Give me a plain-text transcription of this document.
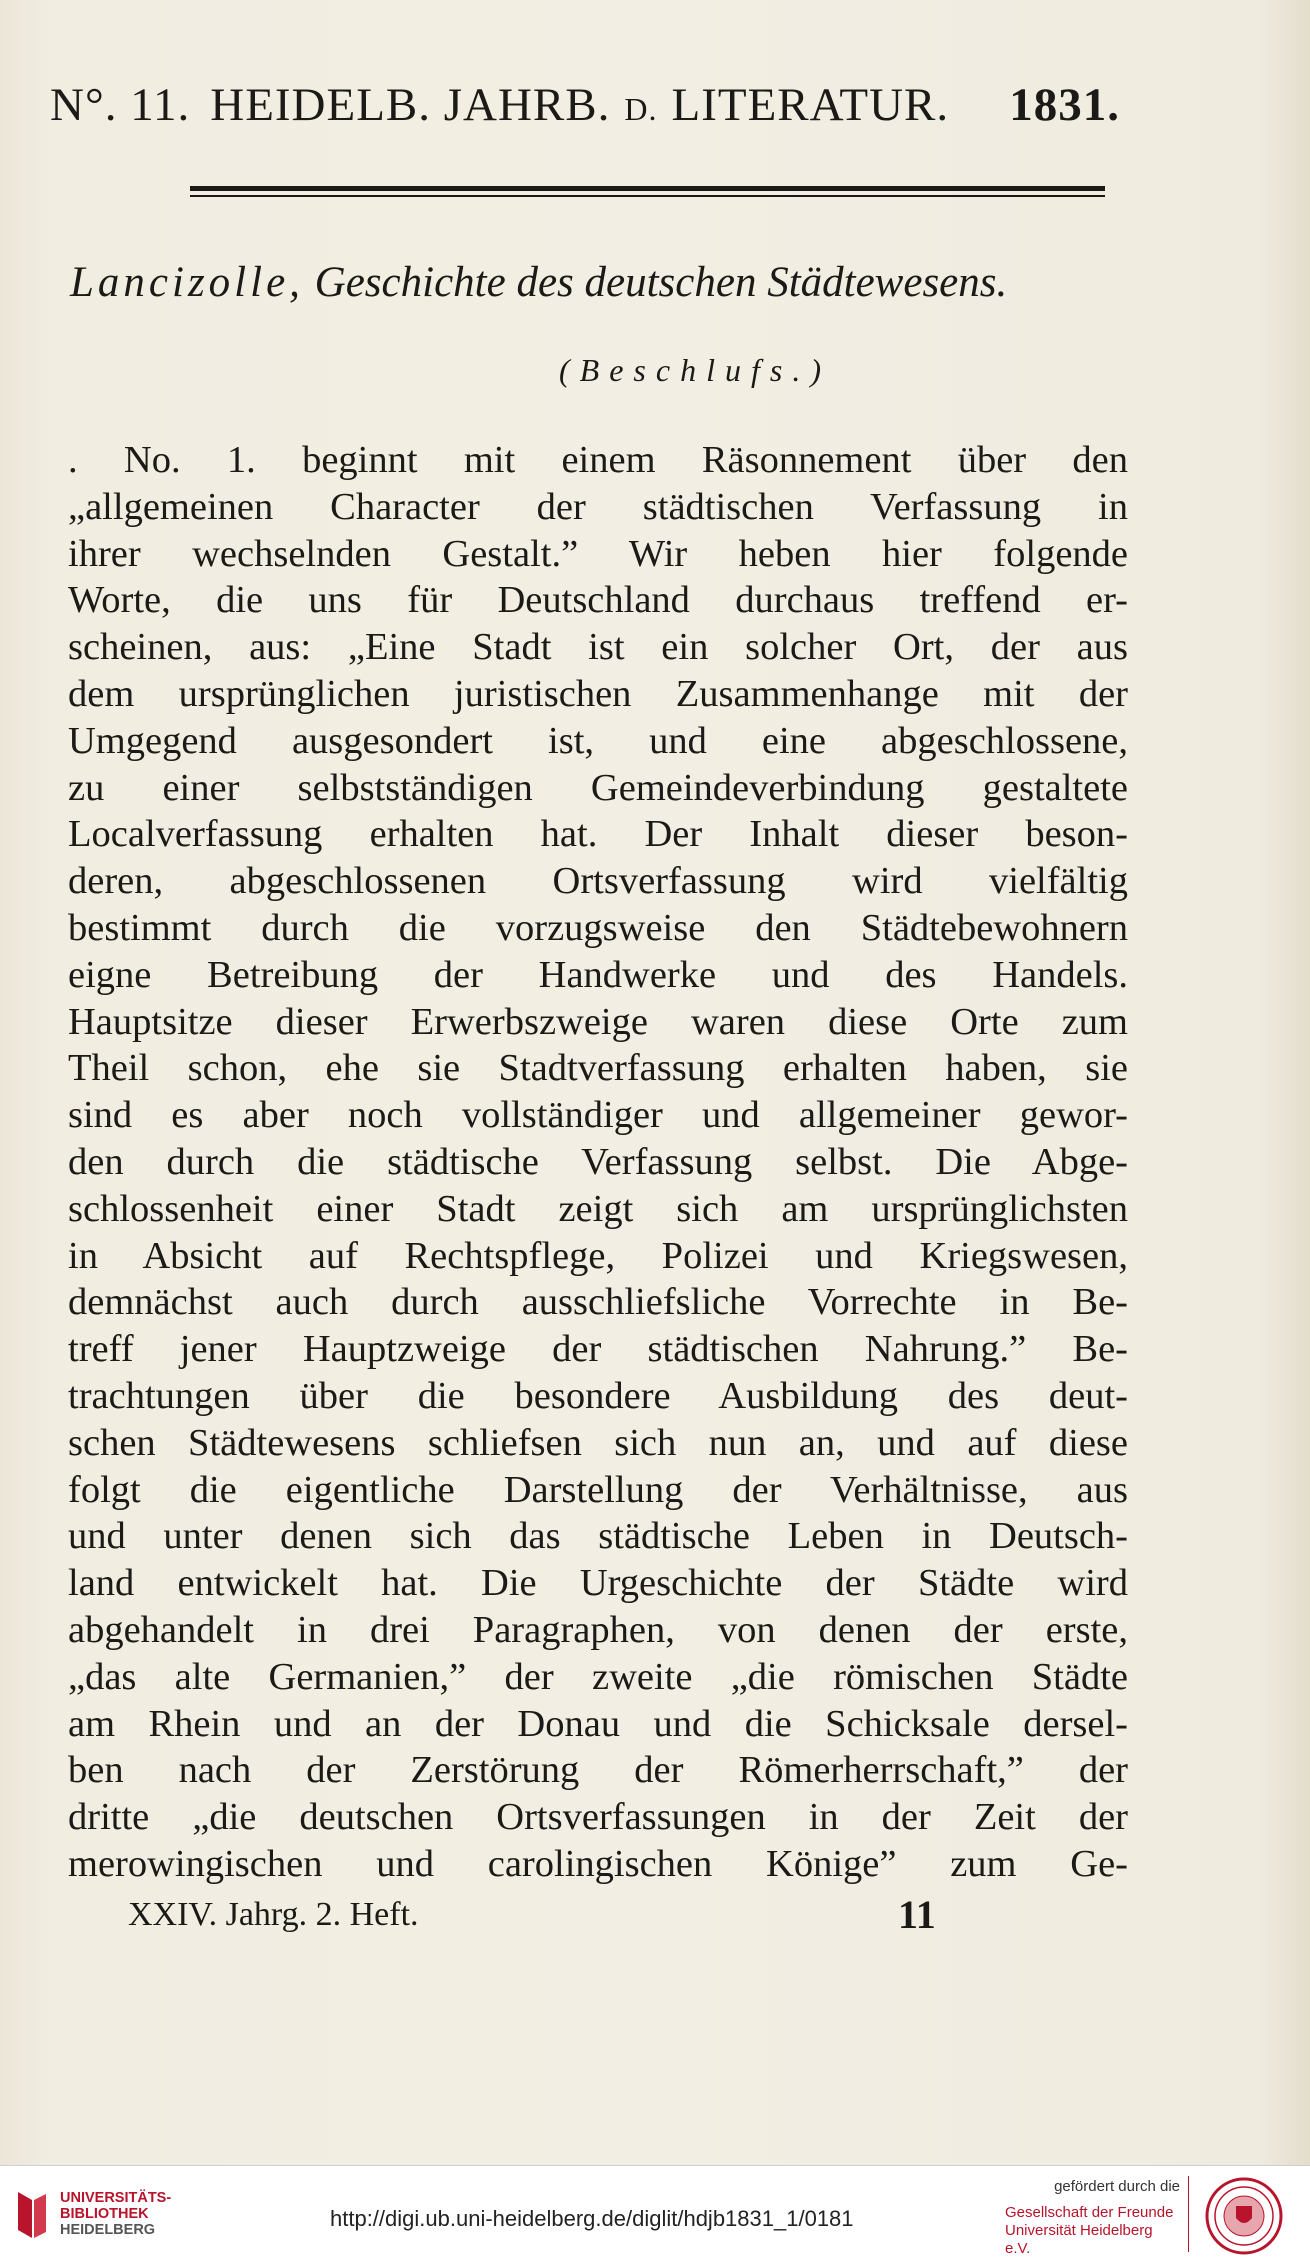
N°. 11. HEIDELB. JAHRB. D. LITERATUR. 1831.
Lancizolle, Geschichte des deutschen Städtewesens.
(Beschlufs.)
. No. 1. beginnt mit einem Räsonnement über den
„allgemeinen Character der städtischen Verfassung in
ihrer wechselnden Gestalt.” Wir heben hier folgende
Worte, die uns für Deutschland durchaus treffend er-
scheinen, aus: „Eine Stadt ist ein solcher Ort, der aus
dem ursprünglichen juristischen Zusammenhange mit der
Umgegend ausgesondert ist, und eine abgeschlossene,
zu einer selbstständigen Gemeindeverbindung gestaltete
Localverfassung erhalten hat. Der Inhalt dieser beson-
deren, abgeschlossenen Ortsverfassung wird vielfältig
bestimmt durch die vorzugsweise den Städtebewohnern
eigne Betreibung der Handwerke und des Handels.
Hauptsitze dieser Erwerbszweige waren diese Orte zum
Theil schon, ehe sie Stadtverfassung erhalten haben, sie
sind es aber noch vollständiger und allgemeiner gewor-
den durch die städtische Verfassung selbst. Die Abge-
schlossenheit einer Stadt zeigt sich am ursprünglichsten
in Absicht auf Rechtspflege, Polizei und Kriegswesen,
demnächst auch durch ausschliefsliche Vorrechte in Be-
treff jener Hauptzweige der städtischen Nahrung.” Be-
trachtungen über die besondere Ausbildung des deut-
schen Städtewesens schliefsen sich nun an, und auf diese
folgt die eigentliche Darstellung der Verhältnisse, aus
und unter denen sich das städtische Leben in Deutsch-
land entwickelt hat. Die Urgeschichte der Städte wird
abgehandelt in drei Paragraphen, von denen der erste,
„das alte Germanien,” der zweite „die römischen Städte
am Rhein und an der Donau und die Schicksale dersel-
ben nach der Zerstörung der Römerherrschaft,” der
dritte „die deutschen Ortsverfassungen in der Zeit der
merowingischen und carolingischen Könige” zum Ge-
XXIV. Jahrg. 2. Heft.	11
UNIVERSITÄTS-
BIBLIOTHEK
HEIDELBERG	http://digi.ub.uni-heidelberg.de/diglit/hdjb1831_1/0181
gefördert durch die
Gesellschaft der Freunde
Universität Heidelberg e.V.
